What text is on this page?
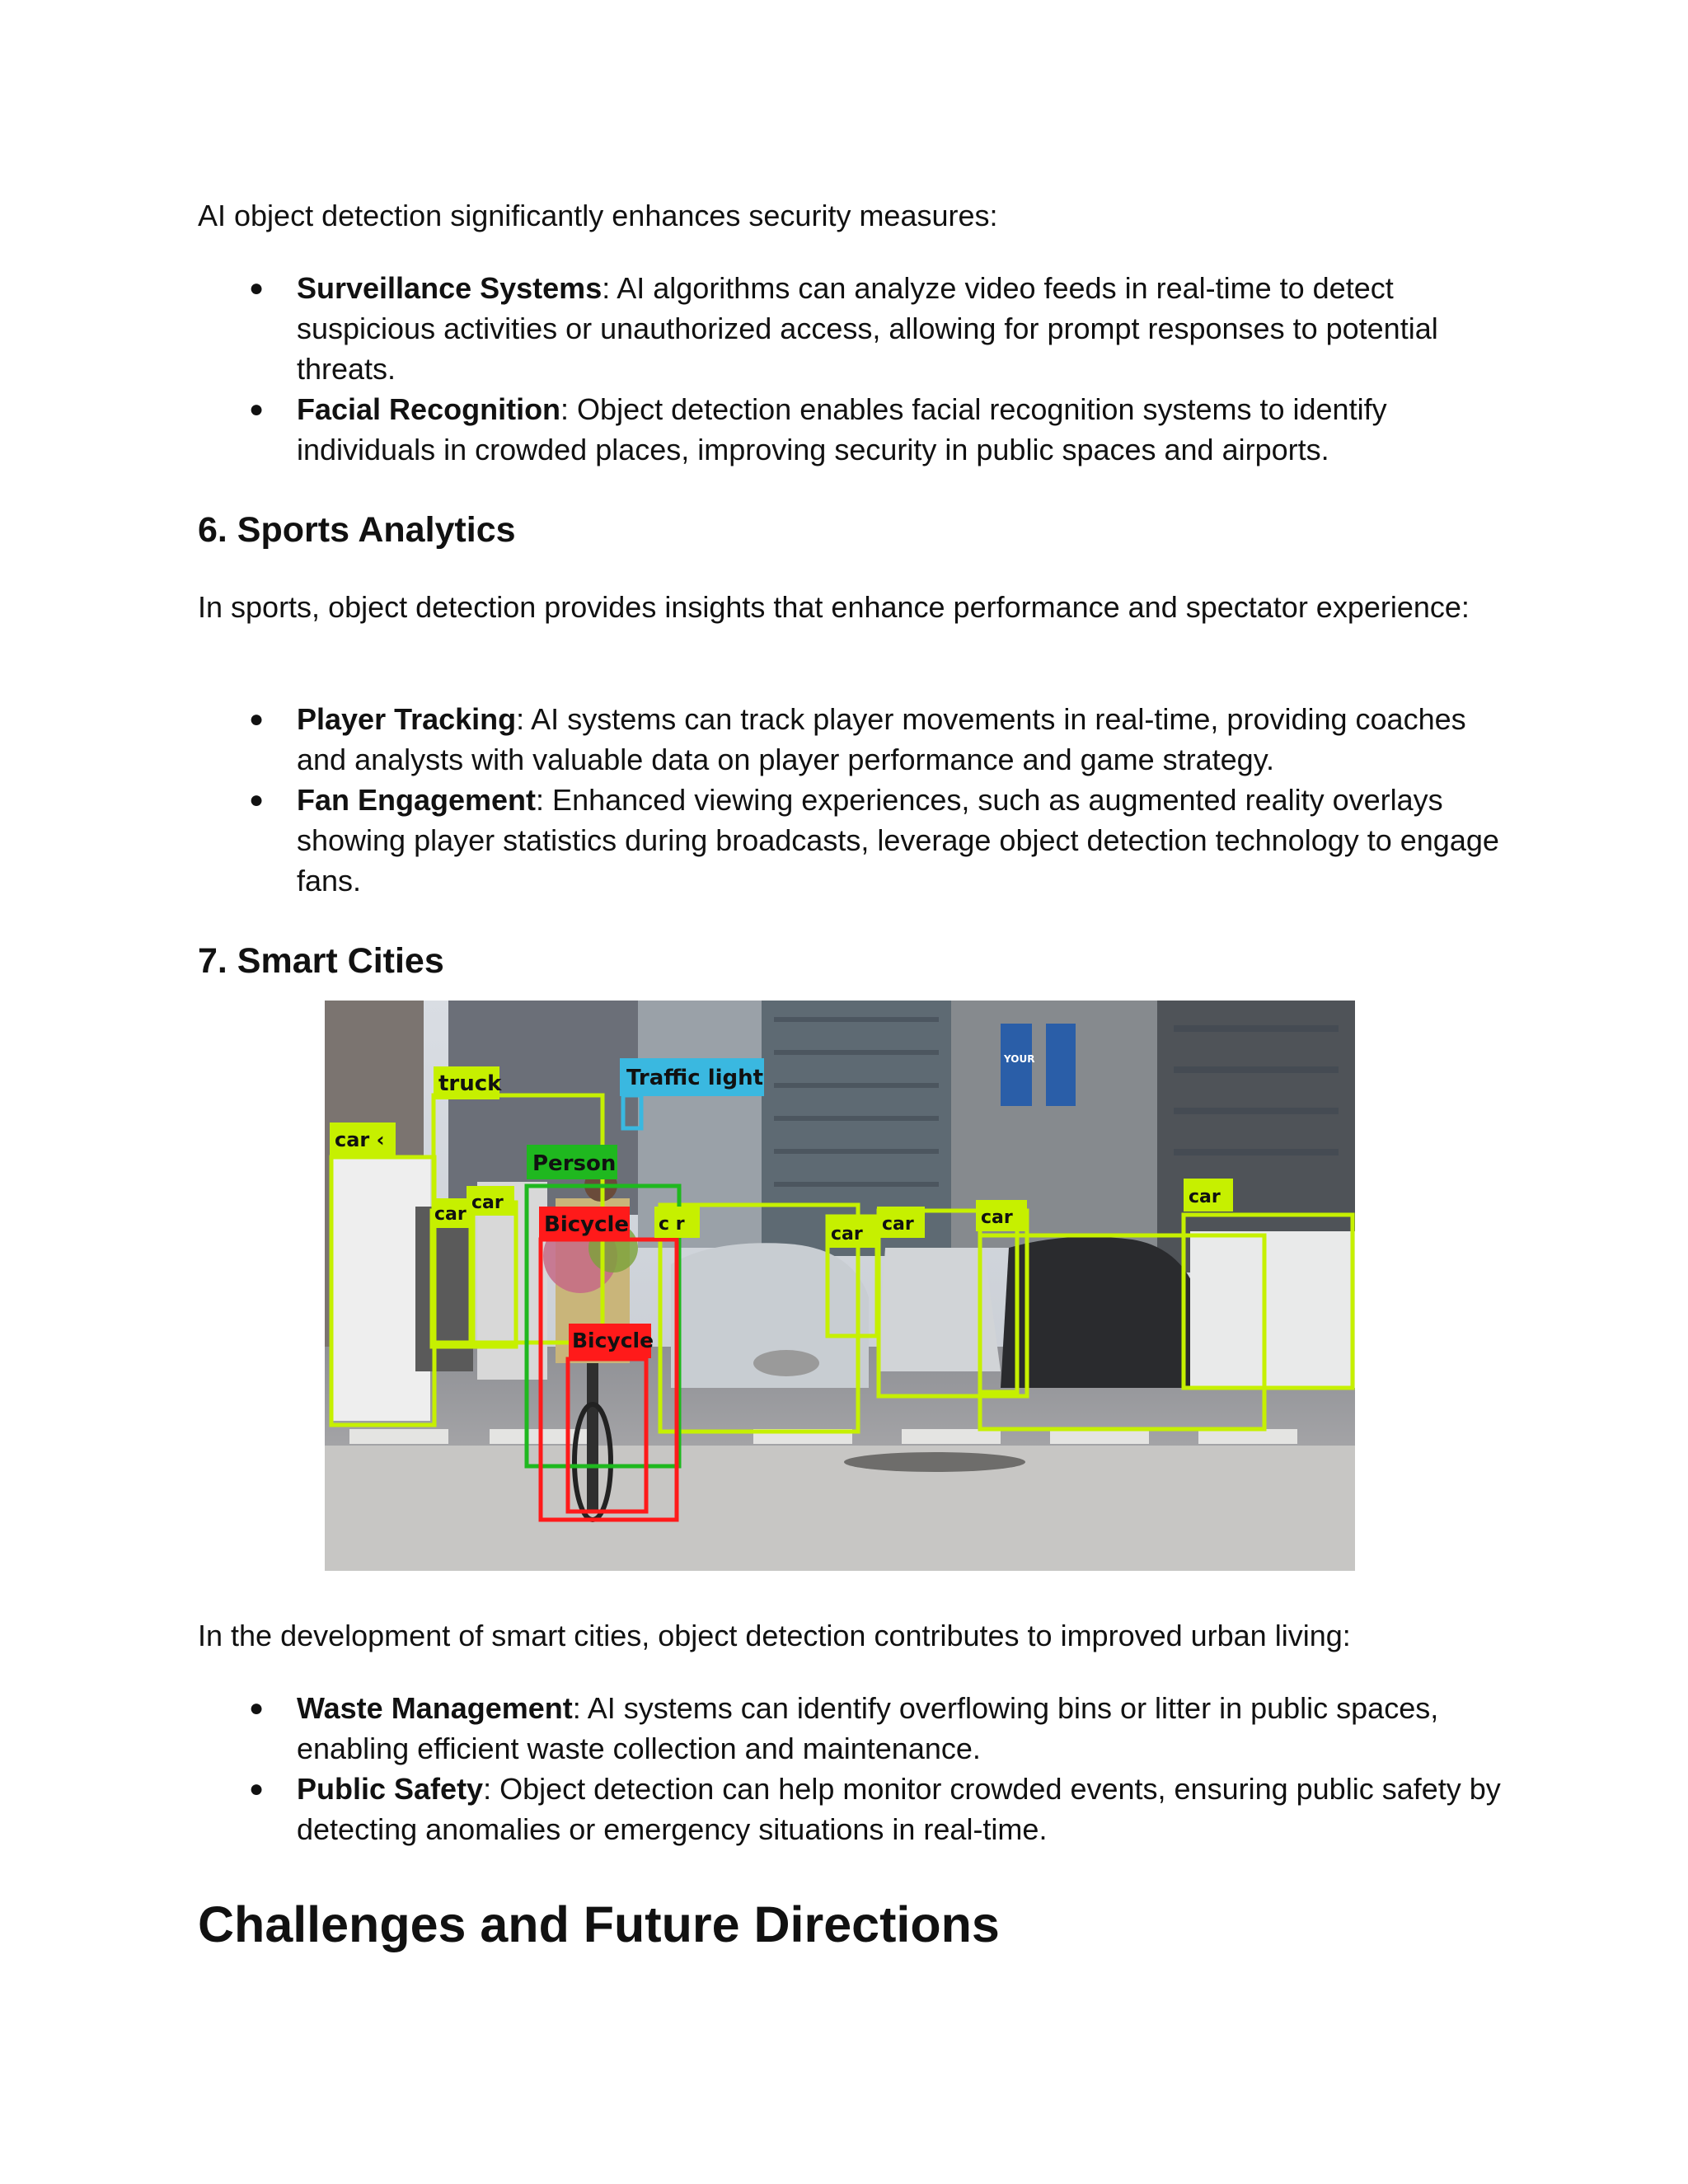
AI object detection significantly enhances security measures:

● Surveillance Systems: AI algorithms can analyze video feeds in real-time to detect suspicious activities or unauthorized access, allowing for prompt responses to potential threats.
● Facial Recognition: Object detection enables facial recognition systems to identify individuals in crowded places, improving security in public spaces and airports.
6. Sports Analytics

In sports, object detection provides insights that enhance performance and spectator experience:

● Player Tracking: AI systems can track player movements in real-time, providing coaches and analysts with valuable data on player performance and game strategy.
● Fan Engagement: Enhanced viewing experiences, such as augmented reality overlays showing player statistics during broadcasts, leverage object detection technology to engage fans.
7. Smart Cities
YOUR
car ‹
truck	Traffic light
Person
car
car
Bicycle c r
Bicycle
car car	car
car

In the development of smart cities, object detection contributes to improved urban living:

● Waste Management: AI systems can identify overflowing bins or litter in public spaces, enabling efficient waste collection and maintenance.
● Public Safety: Object detection can help monitor crowded events, ensuring public safety by detecting anomalies or emergency situations in real-time.
Challenges and Future Directions
